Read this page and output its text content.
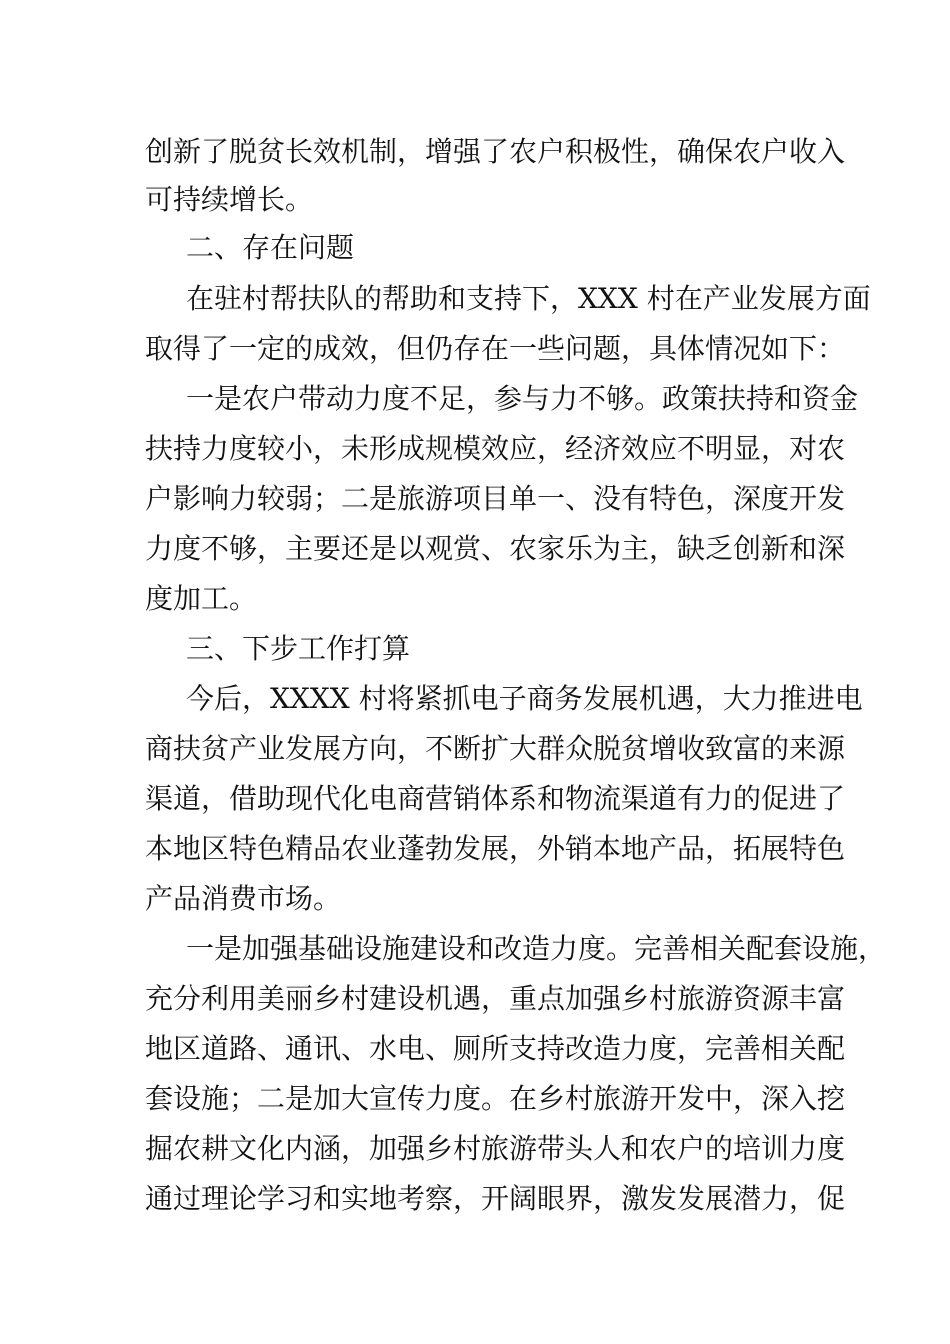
创新了脱贫长效机制，增强了农户积极性，确保农户收入
可持续增长。
二、存在问题
在驻村帮扶队的帮助和支持下，XXX 村在产业发展方面
取得了一定的成效，但仍存在一些问题，具体情况如下：
一是农户带动力度不足，参与力不够。政策扶持和资金
扶持力度较小，未形成规模效应，经济效应不明显，对农
户影响力较弱；二是旅游项目单一、没有特色，深度开发
力度不够，主要还是以观赏、农家乐为主，缺乏创新和深
度加工。
三、下步工作打算
今后，XXXX 村将紧抓电子商务发展机遇，大力推进电
商扶贫产业发展方向，不断扩大群众脱贫增收致富的来源
渠道，借助现代化电商营销体系和物流渠道有力的促进了
本地区特色精品农业蓬勃发展，外销本地产品，拓展特色
产品消费市场。
一是加强基础设施建设和改造力度。完善相关配套设施，
充分利用美丽乡村建设机遇，重点加强乡村旅游资源丰富
地区道路、通讯、水电、厕所支持改造力度，完善相关配
套设施；二是加大宣传力度。在乡村旅游开发中，深入挖
掘农耕文化内涵，加强乡村旅游带头人和农户的培训力度
通过理论学习和实地考察，开阔眼界，激发发展潜力，促
